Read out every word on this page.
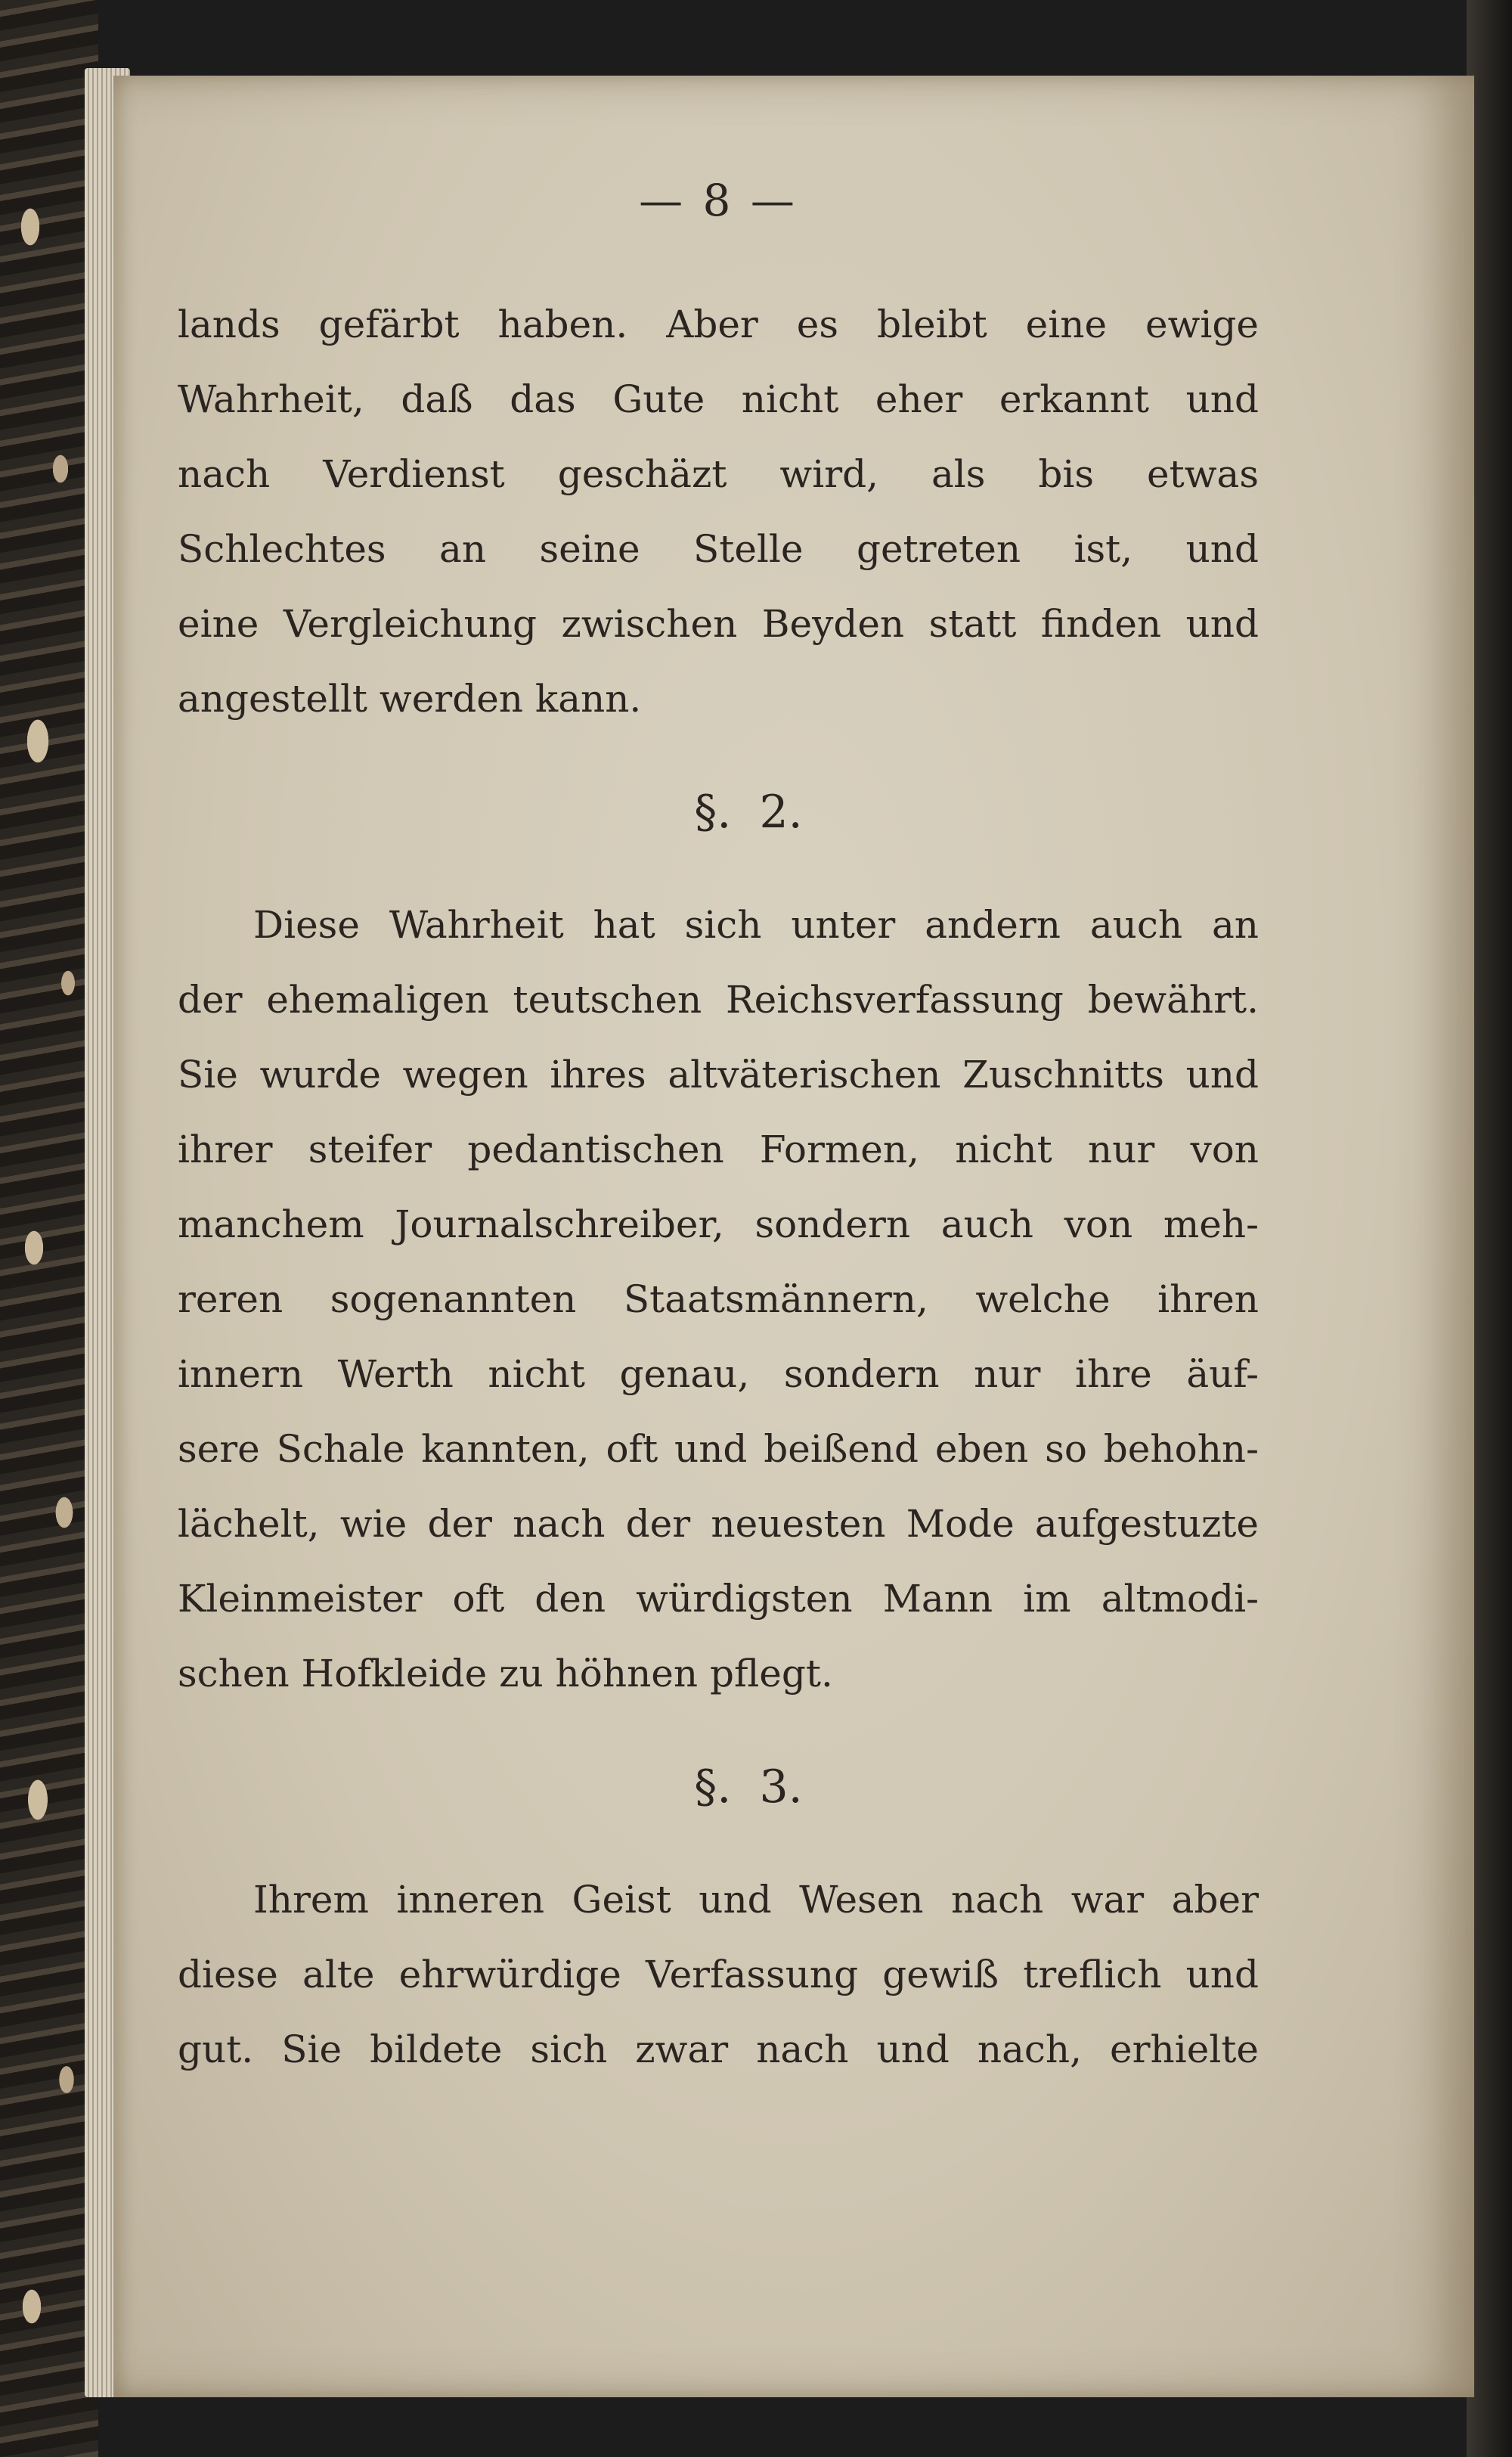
— 8 —
lands gefärbt haben. Aber es bleibt eine ewige
Wahrheit, daß das Gute nicht eher erkannt und
nach Verdienst geschäzt wird, als bis etwas
Schlechtes an seine Stelle getreten ist, und
eine Vergleichung zwischen Beyden statt finden und
angestellt werden kann.
§. 2.
Diese Wahrheit hat sich unter andern auch an
der ehemaligen teutschen Reichsverfassung bewährt.
Sie wurde wegen ihres altväterischen Zuschnitts und
ihrer steifer pedantischen Formen, nicht nur von
manchem Journalschreiber, sondern auch von meh-
reren sogenannten Staatsmännern, welche ihren
innern Werth nicht genau, sondern nur ihre äuf-
sere Schale kannten, oft und beißend eben so behohn-
lächelt, wie der nach der neuesten Mode aufgestuzte
Kleinmeister oft den würdigsten Mann im altmodi-
schen Hofkleide zu höhnen pflegt.
§. 3.
Ihrem inneren Geist und Wesen nach war aber
diese alte ehrwürdige Verfassung gewiß treflich und
gut. Sie bildete sich zwar nach und nach, erhielte
